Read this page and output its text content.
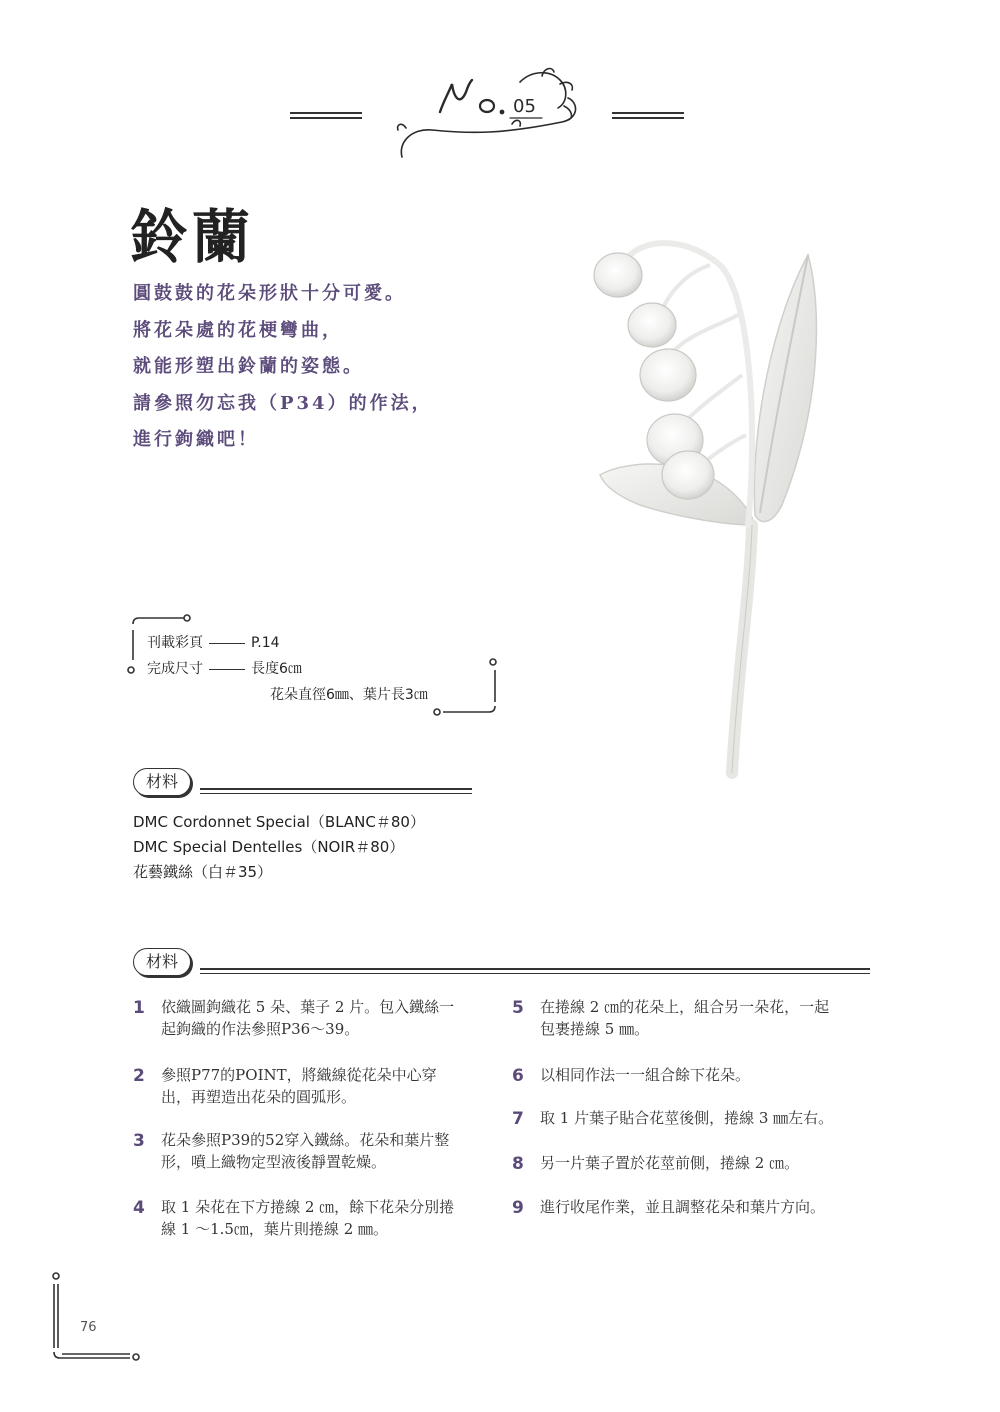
05
No.
鈴蘭
圓鼓鼓的花朵形狀十分可愛。
將花朵處的花梗彎曲，
就能形塑出鈴蘭的姿態。
請參照勿忘我（P34）的作法，
進行鉤織吧！
刊載彩頁	P.14
完成尺寸	長度6㎝
花朵直徑6㎜、葉片長3㎝
材料
DMC Cordonnet Special（BLANC＃80）
DMC Special Dentelles（NOIR＃80）
花藝鐵絲（白＃35）
材料
1 依織圖鉤織花 5 朵、葉子 2 片。包入鐵絲一起鉤織的作法參照P36～39。
2 參照P77的POINT，將織線從花朵中心穿出，再塑造出花朵的圓弧形。
3 花朵參照P39的52穿入鐵絲。花朵和葉片整形，噴上織物定型液後靜置乾燥。
4 取 1 朵花在下方捲線 2 ㎝，餘下花朵分別捲線 1 ～1.5㎝，葉片則捲線 2 ㎜。
5 在捲線 2 ㎝的花朵上，組合另一朵花，一起包裹捲線 5 ㎜。
6 以相同作法一一組合餘下花朵。
7 取 1 片葉子貼合花莖後側，捲線 3 ㎜左右。
8 另一片葉子置於花莖前側，捲線 2 ㎝。
9 進行收尾作業，並且調整花朵和葉片方向。
76
